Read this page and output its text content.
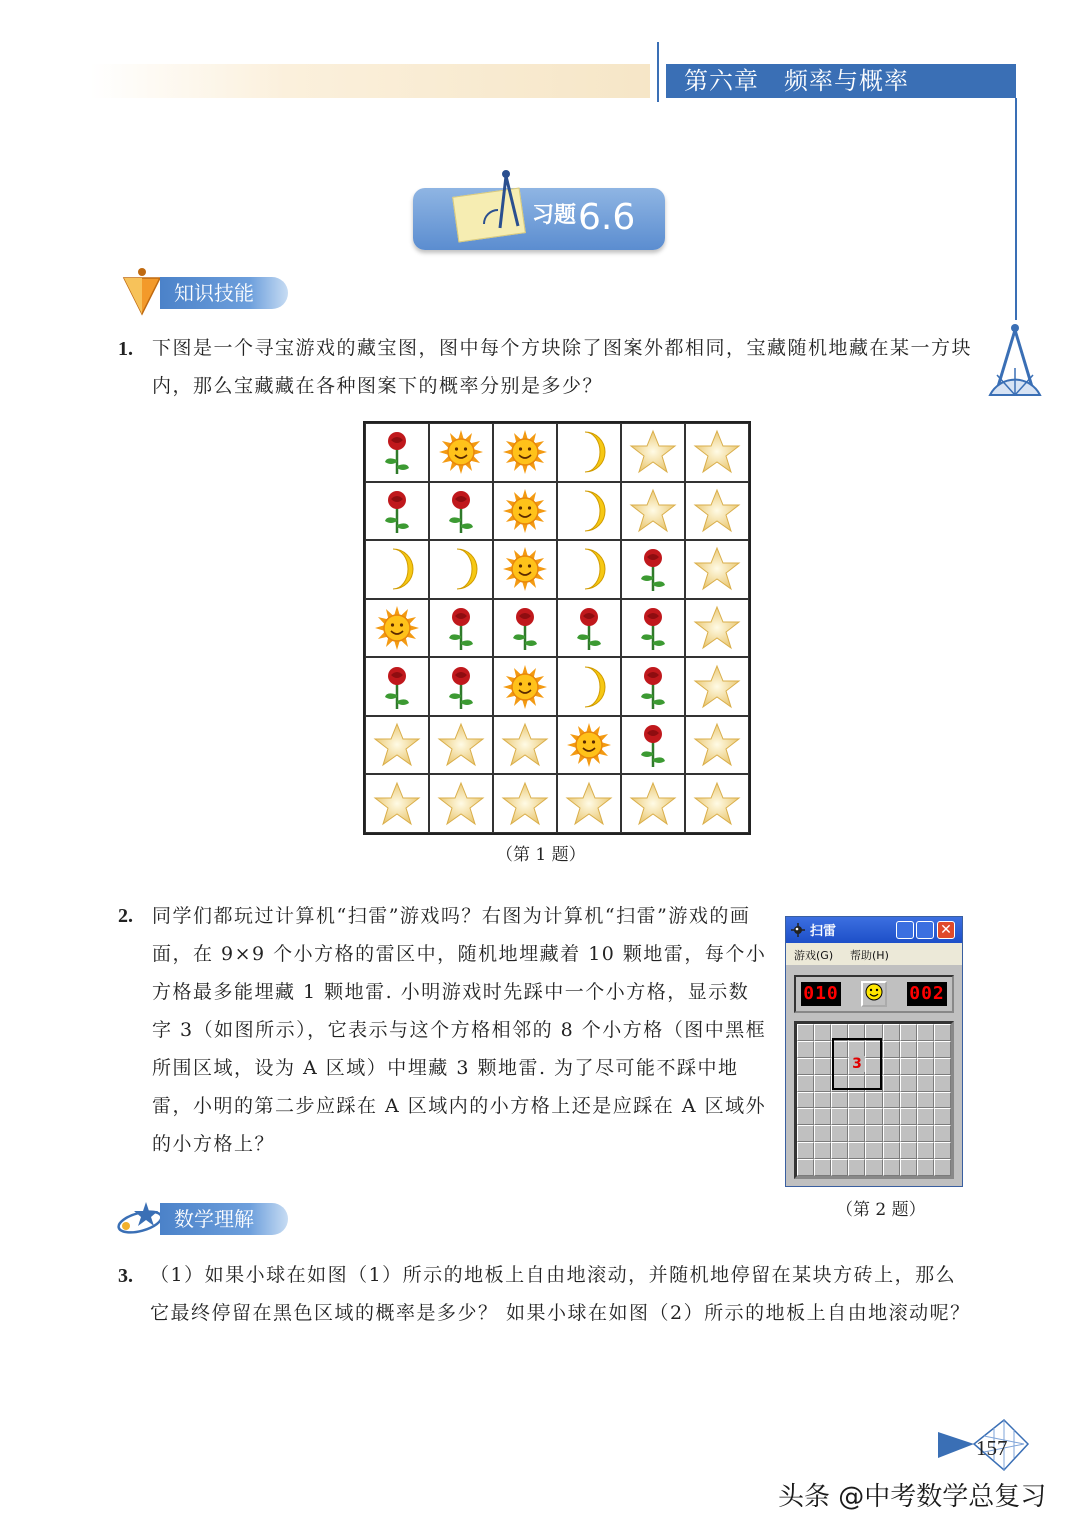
第六章　频率与概率
习题 6.6
知识技能
1. 下图是一个寻宝游戏的藏宝图，图中每个方块除了图案外都相同，宝藏随机地藏在某一方块内，那么宝藏藏在各种图案下的概率分别是多少？
（第 1 题）
2. 同学们都玩过计算机“扫雷”游戏吗？右图为计算机“扫雷”游戏的画面，在 9×9 个小方格的雷区中，随机地埋藏着 10 颗地雷，每个小方格最多能埋藏 1 颗地雷. 小明游戏时先踩中一个小方格，显示数字 3（如图所示），它表示与这个方格相邻的 8 个小方格（图中黑框所围区域，设为 A 区域）中埋藏 3 颗地雷. 为了尽可能不踩中地雷，小明的第二步应踩在 A 区域内的小方格上还是应踩在 A 区域外的小方格上？
扫雷	✕
游戏(G) 帮助(H)
010	002
3
（第 2 题）
数学理解
3. （1）如果小球在如图（1）所示的地板上自由地滚动，并随机地停留在某块方砖上，那么它最终停留在黑色区域的概率是多少？ 如果小球在如图（2）所示的地板上自由地滚动呢？
157
头条 @中考数学总复习
